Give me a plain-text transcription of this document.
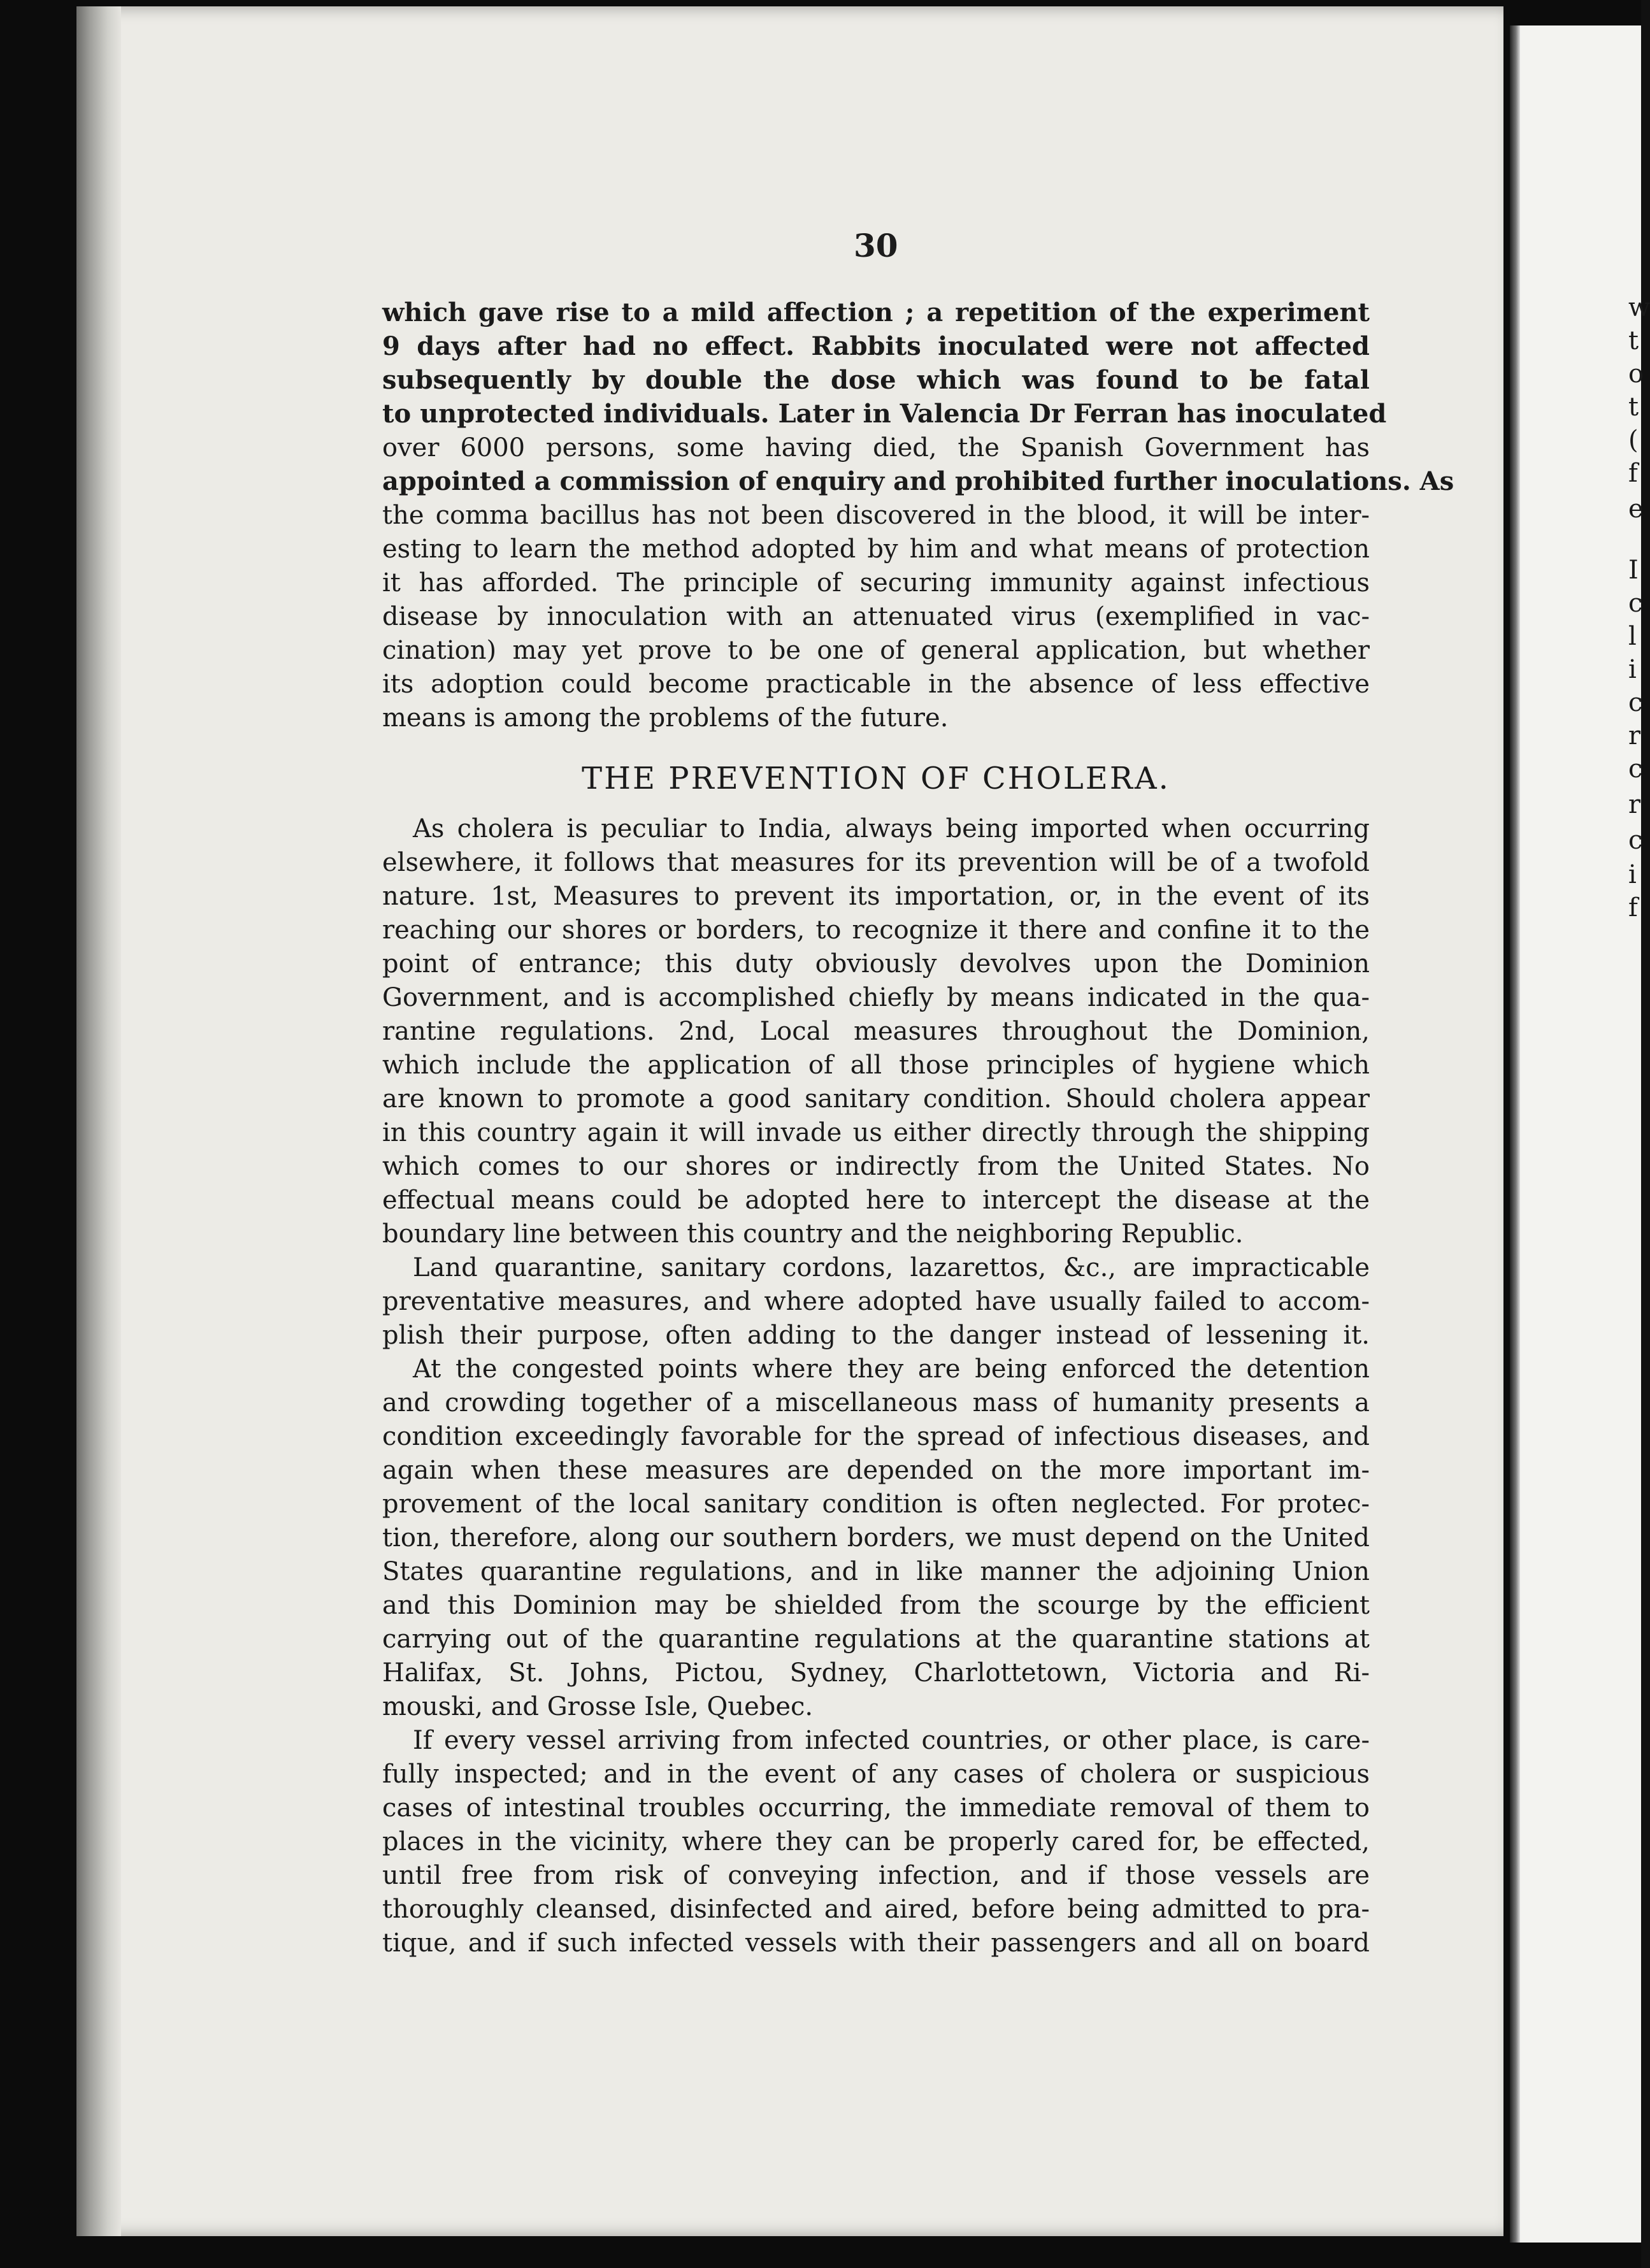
w
t
o
t
(
f
e
I
c
l
i
c
r
c
r
c
i
f
30
which gave rise to a mild affection ; a repetition of the experiment
9 days after had no effect. Rabbits inoculated were not affected
subsequently by double the dose which was found to be fatal
to unprotected individuals. Later in Valencia Dr Ferran has inoculated
over 6000 persons, some having died, the Spanish Government has
appointed a commission of enquiry and prohibited further inoculations. As
the comma bacillus has not been discovered in the blood, it will be inter-
esting to learn the method adopted by him and what means of protection
it has afforded. The principle of securing immunity against infectious
disease by innoculation with an attenuated virus (exemplified in vac-
cination) may yet prove to be one of general application, but whether
its adoption could become practicable in the absence of less effective
means is among the problems of the future.
THE PREVENTION OF CHOLERA.
As cholera is peculiar to India, always being imported when occurring
elsewhere, it follows that measures for its prevention will be of a twofold
nature. 1st, Measures to prevent its importation, or, in the event of its
reaching our shores or borders, to recognize it there and confine it to the
point of entrance; this duty obviously devolves upon the Dominion
Government, and is accomplished chiefly by means indicated in the qua-
rantine regulations. 2nd, Local measures throughout the Dominion,
which include the application of all those principles of hygiene which
are known to promote a good sanitary condition. Should cholera appear
in this country again it will invade us either directly through the shipping
which comes to our shores or indirectly from the United States. No
effectual means could be adopted here to intercept the disease at the
boundary line between this country and the neighboring Republic.
Land quarantine, sanitary cordons, lazarettos, &c., are impracticable
preventative measures, and where adopted have usually failed to accom-
plish their purpose, often adding to the danger instead of lessening it.
At the congested points where they are being enforced the detention
and crowding together of a miscellaneous mass of humanity presents a
condition exceedingly favorable for the spread of infectious diseases, and
again when these measures are depended on the more important im-
provement of the local sanitary condition is often neglected. For protec-
tion, therefore, along our southern borders, we must depend on the United
States quarantine regulations, and in like manner the adjoining Union
and this Dominion may be shielded from the scourge by the efficient
carrying out of the quarantine regulations at the quarantine stations at
Halifax, St. Johns, Pictou, Sydney, Charlottetown, Victoria and Ri-
mouski, and Grosse Isle, Quebec.
If every vessel arriving from infected countries, or other place, is care-
fully inspected; and in the event of any cases of cholera or suspicious
cases of intestinal troubles occurring, the immediate removal of them to
places in the vicinity, where they can be properly cared for, be effected,
until free from risk of conveying infection, and if those vessels are
thoroughly cleansed, disinfected and aired, before being admitted to pra-
tique, and if such infected vessels with their passengers and all on board
